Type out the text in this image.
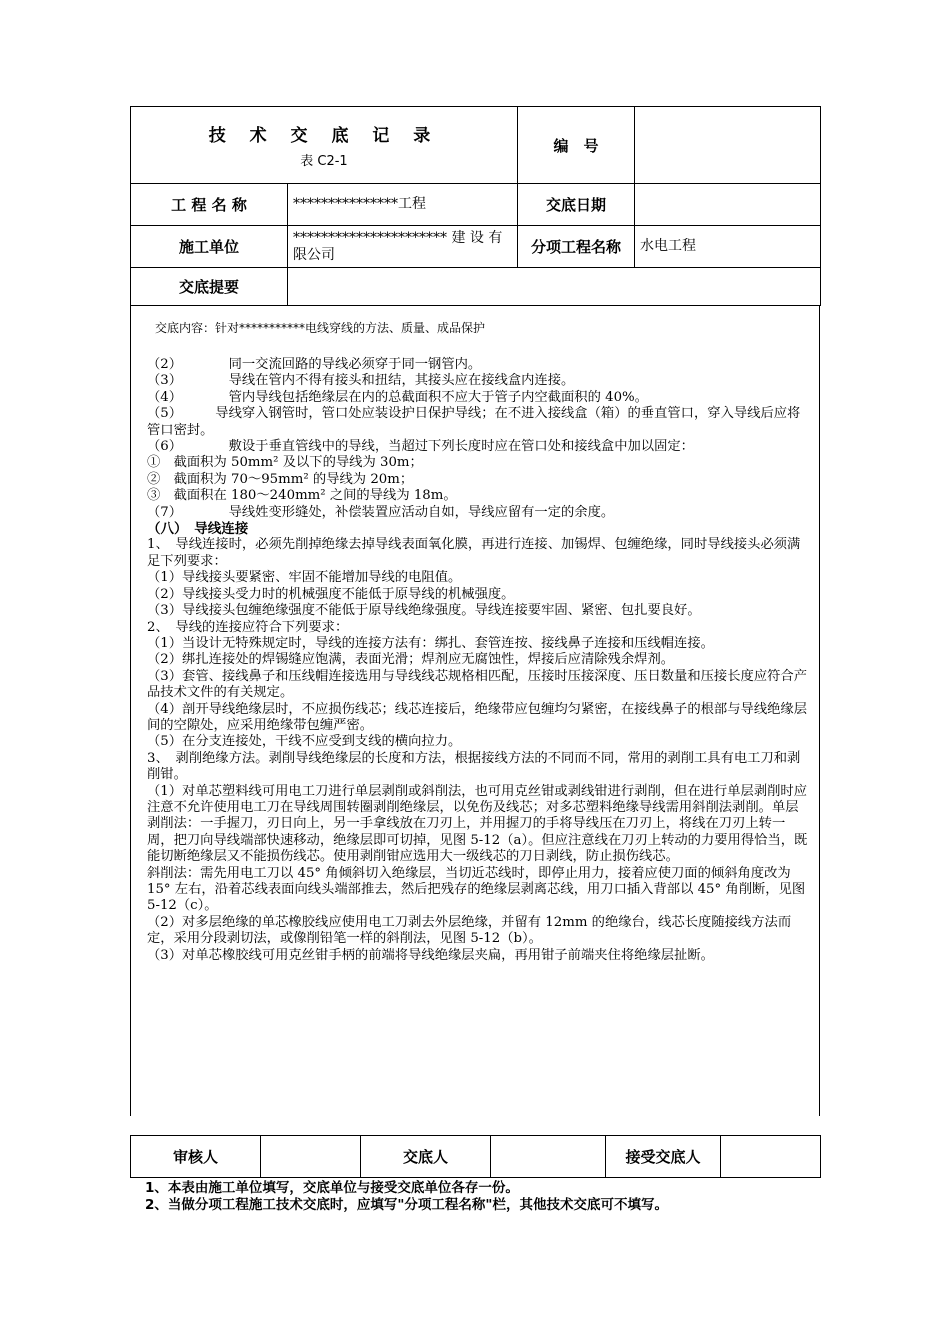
技 术 交 底 记 录
表 C2-1		编　号	
工 程 名 称	***************工程	交底日期	
施工单位	********************** 建 设 有限公司	分项工程名称	水电工程
交底提要			
交底内容：针对***********电线穿线的方法、质量、成品保护

（2）　　　　同一交流回路的导线必须穿于同一钢管内。

（3）　　　　导线在管内不得有接头和扭结，其接头应在接线盒内连接。

（4）　　　　管内导线包括绝缘层在内的总截面积不应大于管子内空截面积的 40%。

（5）　　　导线穿入钢管时，管口处应装设护日保护导线；在不进入接线盒（箱）的垂直管口，穿入导线后应将管口密封。

（6）　　　　敷设于垂直管线中的导线，当超过下列长度时应在管口处和接线盒中加以固定：

①　截面积为 50mm² 及以下的导线为 30m；

②　截面积为 70～95mm² 的导线为 20m；

③　截面积在 180～240mm² 之间的导线为 18m。

（7）　　　　导线姓变形缝处，补偿装置应活动自如，导线应留有一定的余度。

（八）　导线连接

1、　导线连接时，必须先削掉绝缘去掉导线表面氧化膜，再进行连接、加锡焊、包缠绝缘，同时导线接头必须满足下列要求：

（1）导线接头要紧密、牢固不能增加导线的电阻值。

（2）导线接头受力时的机械强度不能低于原导线的机械强度。

（3）导线接头包缠绝缘强度不能低于原导线绝缘强度。导线连接要牢固、紧密、包扎要良好。

2、　导线的连接应符合下列要求：

（1）当设计无特殊规定时，导线的连接方法有：绑扎、套管连按、接线鼻子连接和压线帽连接。

（2）绑扎连接处的焊锡缝应饱满，表面光滑；焊剂应无腐蚀性，焊接后应清除残余焊剂。

（3）套管、接线鼻子和压线帽连接选用与导线线芯规格相匹配，压接时压接深度、压日数量和压接长度应符合产品技术文件的有关规定。

（4）剖开导线绝缘层时，不应损伤线芯；线芯连接后，绝缘带应包缠均匀紧密，在接线鼻子的根部与导线绝缘层间的空隙处，应采用绝缘带包缠严密。

（5）在分支连接处，干线不应受到支线的横向拉力。

3、　剥削绝缘方法。剥削导线绝缘层的长度和方法，根据接线方法的不同而不同，常用的剥削工具有电工刀和剥削钳。

（1）对单芯塑料线可用电工刀进行单层剥削或斜削法，也可用克丝钳或剥线钳进行剥削，但在进行单层剥削时应注意不允许使用电工刀在导线周围转圈剥削绝缘层，以免伤及线芯；对多芯塑料绝缘导线需用斜削法剥削。单层剥削法：一手握刀，刃日向上，另一手拿线放在刀刃上，并用握刀的手将导线压在刀刃上，将线在刀刃上转一周，把刀向导线端部快速移动，绝缘层即可切掉，见图 5-12（a）。但应注意线在刀刃上转动的力要用得恰当，既能切断绝缘层又不能损伤线芯。使用剥削钳应选用大一级线芯的刀日剥线，防止损伤线芯。

斜削法：需先用电工刀以 45° 角倾斜切入绝缘层，当切近芯线时，即停止用力，接着应使刀面的倾斜角度改为 15° 左右，沿着芯线表面向线头端部推去，然后把残存的绝缘层剥离芯线，用刀口插入背部以 45° 角削断，见图 5-12（c）。

（2）对多层绝缘的单芯橡胶线应使用电工刀剥去外层绝缘，并留有 12mm 的绝缘台，线芯长度随接线方法而定，采用分段剥切法，或像削铅笔一样的斜削法，见图 5-12（b）。

（3）对单芯橡胶线可用克丝钳手柄的前端将导线绝缘层夹扁，再用钳子前端夹住将绝缘层扯断。

审核人		交底人		接受交底人	

1、本表由施工单位填写，交底单位与接受交底单位各存一份。

2、当做分项工程施工技术交底时，应填写"分项工程名称"栏，其他技术交底可不填写。
